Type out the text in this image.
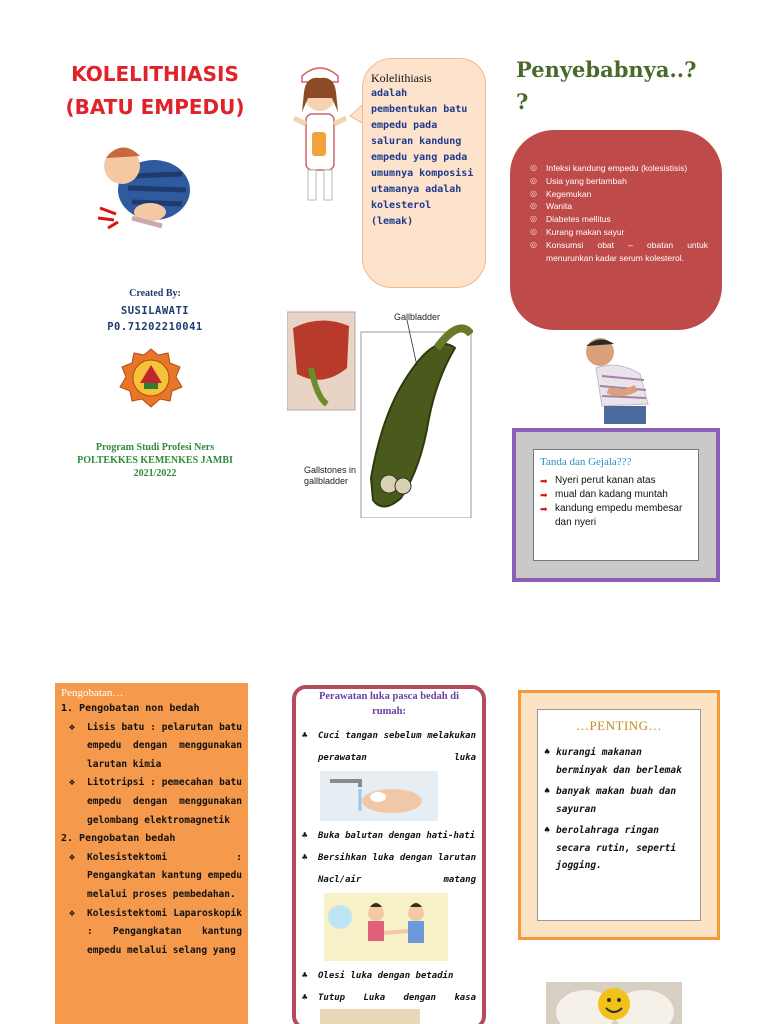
KOLELITHIASIS
(BATU EMPEDU)
Created By:
SUSILAWATI
P0.71202210041
Program Studi Profesi Ners
POLTEKKES KEMENKES JAMBI
2021/2022
Kolelithiasis
adalah pembentukan batu empedu pada saluran kandung empedu yang pada umumnya komposisi utamanya adalah kolesterol (lemak)
Gallbladder
Gallstones in
gallbladder
Penyebabnya..?
?
◎ Infeksi kandung empedu (kolesistisis)
◎ Usia yang bertambah
◎ Kegemukan
◎ Wanita
◎ Diabetes mellitus
◎ Kurang makan sayur
◎ Konsumsi obat – obatan untuk menurunkan kadar serum kolesterol.
Tanda dan Gejala???
➡ Nyeri perut kanan atas
➡ mual dan kadang muntah
➡ kandung empedu membesar dan nyeri
Pengobatan…
1. Pengobatan non bedah
❖ Lisis batu : pelarutan batu empedu dengan menggunakan larutan kimia
❖ Litotripsi : pemecahan batu empedu dengan menggunakan gelombang elektromagnetik
2. Pengobatan bedah
❖ Kolesistektomi : Pengangkatan kantung empedu melalui proses pembedahan.
❖ Kolesistektomi Laparoskopik : Pengangkatan kantung empedu melalui selang yang
Perawatan luka pasca bedah di rumah:
♣ Cuci tangan sebelum melakukan perawatan luka
♣ Buka balutan dengan hati-hati
♣ Bersihkan luka dengan larutan Nacl/air matang
♣ Olesi luka dengan betadin
♣ Tutup Luka dengan kasa
…PENTING…
♠ kurangi makanan berminyak dan berlemak
♠ banyak makan buah dan sayuran
♠ berolahraga ringan secara rutin, seperti jogging.
